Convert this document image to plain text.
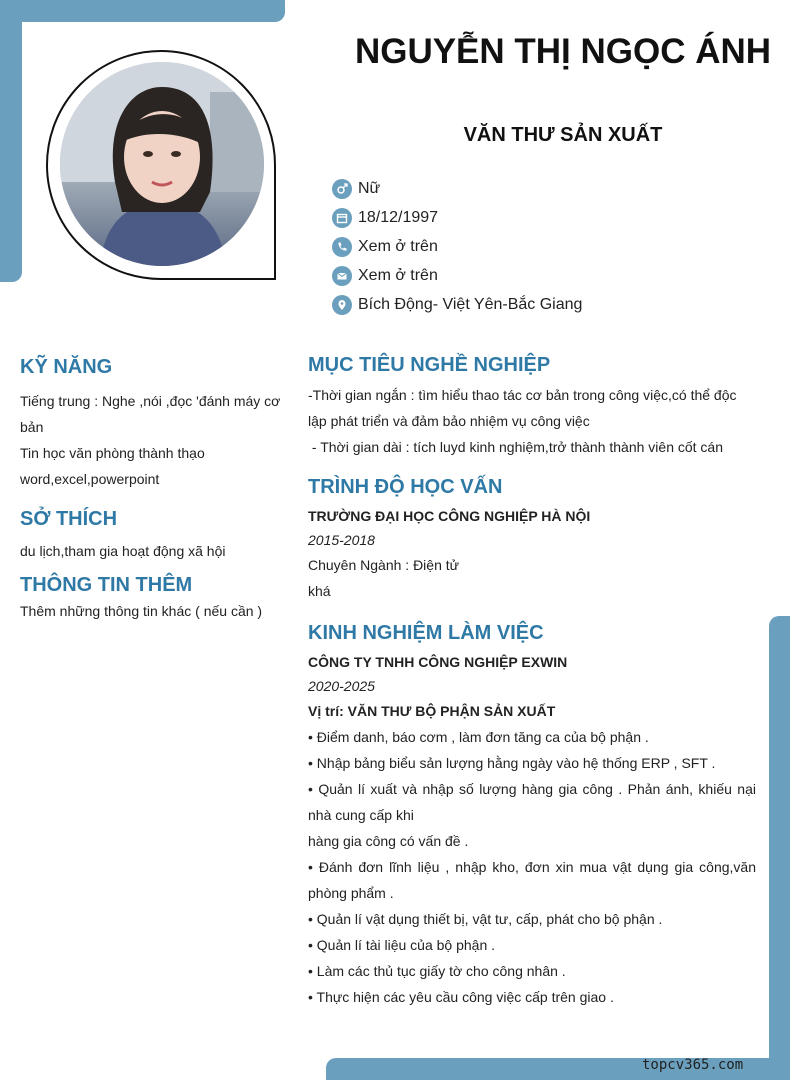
NGUYỄN THỊ NGỌC ÁNH
VĂN THƯ SẢN XUẤT
Nữ
18/12/1997
Xem ở trên
Xem ở trên
Bích Động- Việt Yên-Bắc Giang
KỸ NĂNG
Tiếng trung : Nghe ,nói ,đọc 'đánh máy cơ bản
Tin học văn phòng thành thạo word,excel,powerpoint
SỞ THÍCH
du lịch,tham gia hoạt động xã hội
THÔNG TIN THÊM
Thêm những thông tin khác ( nếu cần )
MỤC TIÊU NGHỀ NGHIỆP
-Thời gian ngắn : tìm hiểu thao tác cơ bản trong công việc,có thể độc lập phát triển và đảm bảo nhiệm vụ công việc
- Thời gian dài : tích luyd kinh nghiệm,trở thành thành viên cốt cán
TRÌNH ĐỘ HỌC VẤN
TRƯỜNG ĐẠI HỌC CÔNG NGHIỆP HÀ NỘI
2015-2018
Chuyên Ngành : Điện tử
khá
KINH NGHIỆM LÀM VIỆC
CÔNG TY TNHH CÔNG NGHIỆP EXWIN
2020-2025
Vị trí: VĂN THƯ BỘ PHẬN SẢN XUẤT
• Điểm danh, báo cơm , làm đơn tăng ca của bộ phận .
• Nhập bảng biểu sản lượng hằng ngày vào hệ thống ERP , SFT .
• Quản lí xuất và nhập số lượng hàng gia công . Phản ánh, khiếu nại nhà cung cấp khi
hàng gia công có vấn đề .
• Đánh đơn lĩnh liệu , nhập kho, đơn xin mua vật dụng gia công,văn phòng phẩm .
• Quản lí vật dụng thiết bị, vật tư, cấp, phát cho bộ phận .
• Quản lí tài liệu của bộ phận .
• Làm các thủ tục giấy tờ cho công nhân .
• Thực hiện các yêu cầu công việc cấp trên giao .
topcv365.com
